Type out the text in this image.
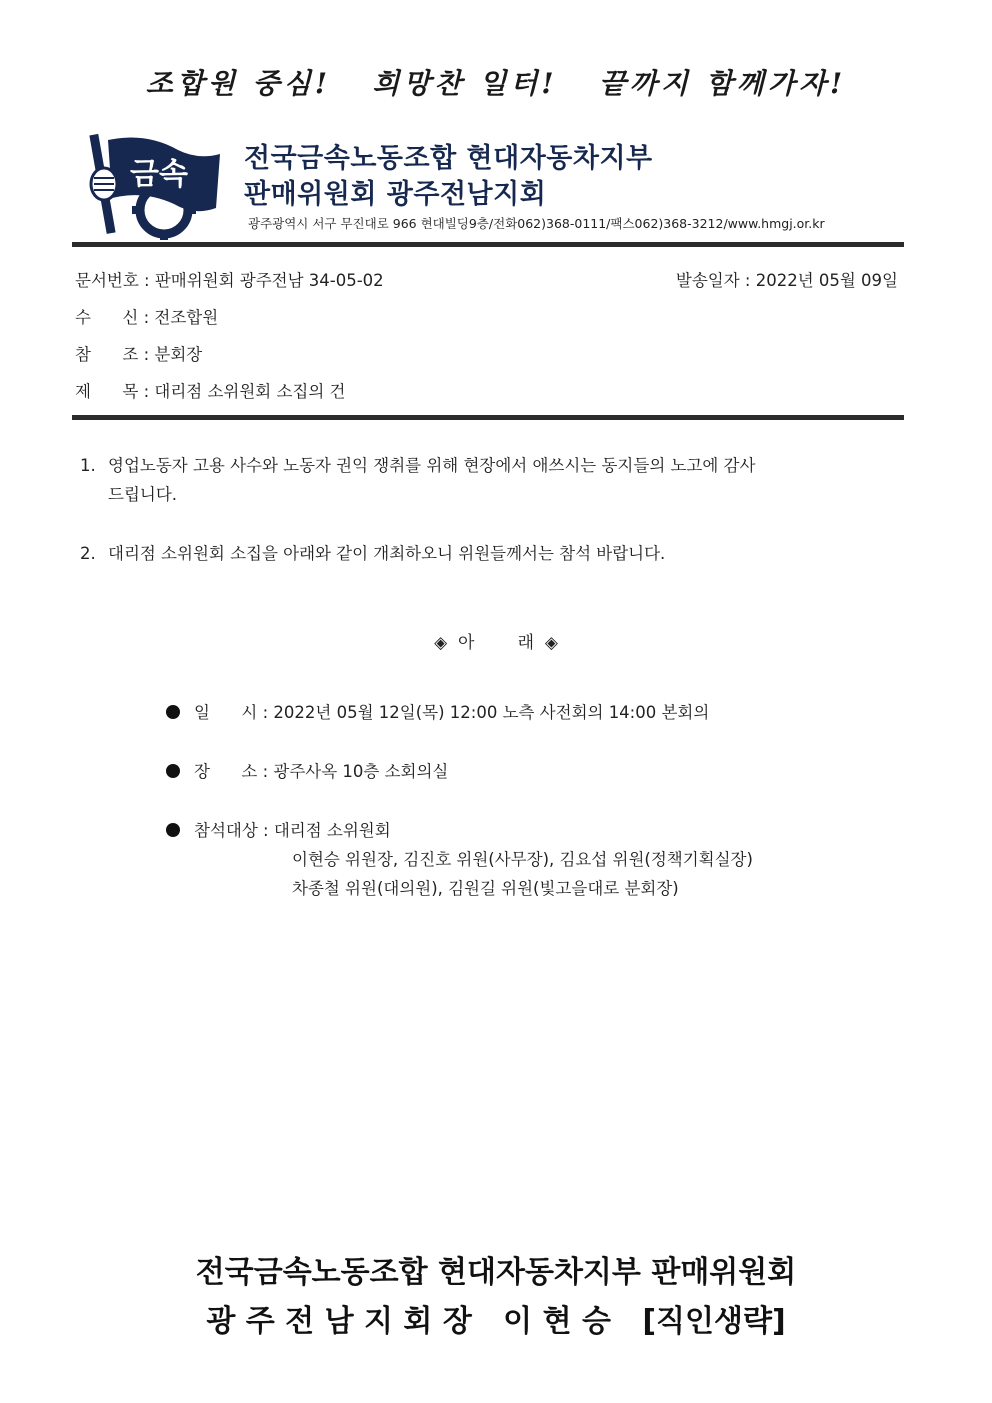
조합원 중심!   희망찬 일터!   끝까지 함께가자!
금속 전국금속노동조합 현대자동차지부
판매위원회 광주전남지회
광주광역시 서구 무진대로 966 현대빌딩9층/전화062)368-0111/팩스062)368-3212/www.hmgj.or.kr
문서번호 : 판매위원회 광주전남 34-05-02	발송일자 : 2022년 05월 09일
수      신 : 전조합원
참      조 : 분회장
제      목 : 대리점 소위원회 소집의 건
1. 영업노동자 고용 사수와 노동자 권익 쟁취를 위해 현장에서 애쓰시는 동지들의 노고에 감사
드립니다.
2. 대리점 소위원회 소집을 아래와 같이 개최하오니 위원들께서는 참석 바랍니다.
◈  아        래  ◈
일      시 : 2022년 05월 12일(목) 12:00 노측 사전회의 14:00 본회의
장      소 : 광주사옥 10층 소회의실
참석대상 : 대리점 소위원회
이현승 위원장, 김진호 위원(사무장), 김요섭 위원(정책기획실장)
차종철 위원(대의원), 김원길 위원(빛고을대로 분회장)
전국금속노동조합 현대자동차지부 판매위원회
광 주 전 남 지 회 장   이 현 승   [직인생략]
